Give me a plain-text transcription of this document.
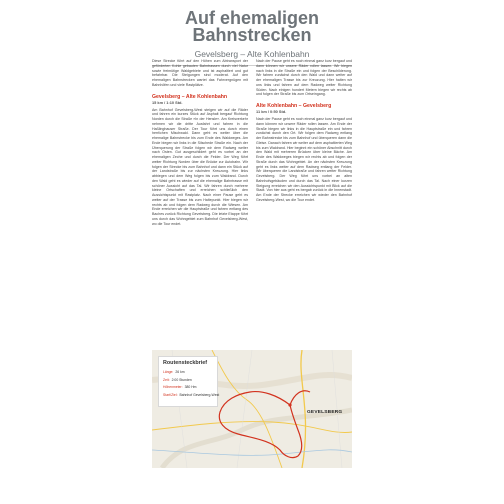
Auf ehemaligen
Bahnstrecken
Gevelsberg – Alte Kohlenbahn

Diese Strecke führt auf den Höhen zum Abtransport der geförderten Kohle gebauten Bahntrassen durch viel Natur sowie freimütige Waldgebiete und ist asphaltiert und gut befahrbar. Die Steigungen sind moderat. Auf den ehemaligen Bahnstrecken wartet das Fahrvergnügen mit Bahnhöfen und viele Rastplätze.

Gevelsberg – Alte Kohlenbahn
15 km / 1:10 Std.

Am Bahnhof Gevelsberg-West steigen wir auf die Räder und fahren ein kurzes Stück auf Asphalt bergauf Richtung Norden durch die Straße »In der Hensle«. Am Kreisverkehr nehmen wir die dritte Ausfahrt und fahren in die Haßlinghauser Straße. Der Tour führt uns durch einen herrlichen Mischwald. Dann geht es weiter über die ehemalige Bahnstrecke bis zum Ende des Waldweges. Am Ende biegen wir links in die Silschede Straße ein. Nach der Überquerung der Straße folgen wir dem Radweg weiter nach Osten. Gut ausgeschildert geht es vorbei an der ehemaligen Zeche und durch die Felder. Der Weg führt weiter Richtung Norden über die Brücke zur Autobahn. Wir folgen der Strecke bis zum Bahnhof und dann ein Stück auf der Landstraße bis zur nächsten Kreuzung. Hier links abbiegen und dem Weg folgen bis zum Waldrand. Durch den Wald geht es wieder auf die ehemalige Bahntrasse mit schöner Aussicht auf das Tal. Wir fahren durch mehrere kleine Ortschaften und erreichen schließlich den Aussichtspunkt mit Rastplatz. Nach einer Pause geht es weiter auf der Trasse bis zum Haltepunkt. Hier biegen wir rechts ab und folgen dem Radweg durch die Wiesen. Am Ende erreichen wir die Hauptstraße und fahren entlang des Baches zurück Richtung Gevelsberg. Die letzte Etappe führt uns durch das Wohngebiet zum Bahnhof Gevelsberg-West, wo die Tour endet.

Nach der Pause geht es noch einmal ganz kurz bergauf und dann können wir unsere Räder rollen lassen. Wir biegen nach links in die Straße ein und folgen der Beschilderung. Wir fahren zunächst durch den Wald und dann weiter auf der ehemaligen Trasse bis zur Kreuzung. Hier halten wir uns links und fahren auf dem Radweg weiter Richtung Süden. Nach einigen hundert Metern biegen wir rechts ab und folgen der Straße bis zum Ortseingang.

Alte Kohlenbahn – Gevelsberg
11 km / 0:50 Std.

Nach der Pause geht es noch einmal ganz kurz bergauf und dann können wir unsere Räder rollen lassen. Am Ende der Straße biegen wir links in die Hauptstraße ein und fahren zunächst durch den Ort. Wir folgen dem Radweg entlang der Bahnstrecke bis zum Bahnhof und überqueren dann die Gleise. Danach fahren wir weiter auf dem asphaltierten Weg bis zum Waldrand. Hier beginnt ein schöner Abschnitt durch den Wald mit mehreren Brücken über kleine Bäche. Am Ende des Waldweges biegen wir rechts ab und folgen der Straße durch das Wohngebiet. An der nächsten Kreuzung geht es links weiter auf dem Radweg entlang der Felder. Wir überqueren die Landstraße und fahren weiter Richtung Gevelsberg. Der Weg führt uns vorbei an alten Bahnhofsgebäuden und durch das Tal. Nach einer kurzen Steigung erreichen wir den Aussichtspunkt mit Blick auf die Stadt. Von hier aus geht es bergab zurück in die Innenstadt. Am Ende der Strecke erreichen wir wieder den Bahnhof Gevelsberg-West, wo die Tour endet.

Routensteckbrief
Länge: 26 km
Zeit: 2:00 Stunden
Höhenmeter: 380 Hm
Start/Ziel: Bahnhof Gevelsberg-West
GEVELSBERG
